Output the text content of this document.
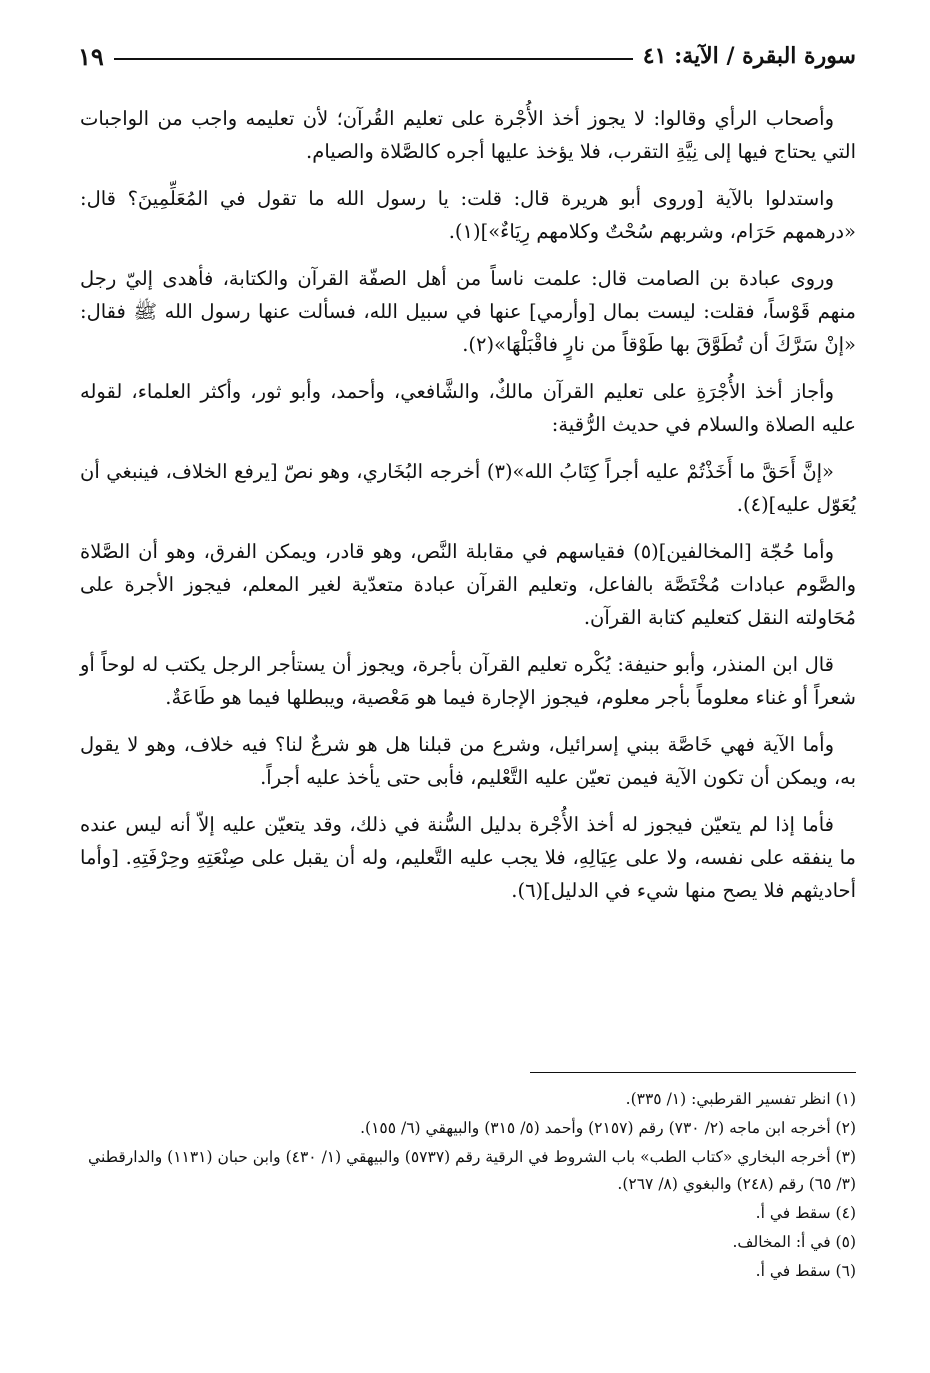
سورة البقرة / الآية: ٤١
١٩

وأصحاب الرأي وقالوا: لا يجوز أخذ الأُجْرة على تعليم القُرآن؛ لأن تعليمه واجب من الواجبات التي يحتاج فيها إلى نِيَّةِ التقرب، فلا يؤخذ عليها أجره كالصَّلاة والصيام.

واستدلوا بالآية [وروى أبو هريرة قال: قلت: يا رسول الله ما تقول في المُعَلِّمِينَ؟ قال: «درهمهم حَرَام، وشربهم سُحْتٌ وكلامهم رِيَاءٌ»](١).

وروى عبادة بن الصامت قال: علمت ناساً من أهل الصفّة القرآن والكتابة، فأهدى إليّ رجل منهم قَوْساً، فقلت: ليست بمال [وأرمي] عنها في سبيل الله، فسألت عنها رسول الله ﷺ فقال: «إنْ سَرَّكَ أن تُطَوَّقَ بها طَوْقاً من نارٍ فاقْبَلْهَا»(٢).

وأجاز أخذ الأُجْرَةِ على تعليم القرآن مالكٌ، والشَّافعي، وأحمد، وأبو ثور، وأكثر العلماء، لقوله عليه الصلاة والسلام في حديث الرُّقية:

«إنَّ أَحَقَّ ما أَخَذْتُمْ عليه أجراً كِتَابُ الله»(٣) أخرجه البُخَاري، وهو نصّ [يرفع الخلاف، فينبغي أن يُعَوّل عليه](٤).

وأما حُجّة [المخالفين](٥) فقياسهم في مقابلة النَّص، وهو قادر، ويمكن الفرق، وهو أن الصَّلاة والصَّوم عبادات مُخْتَصَّة بالفاعل، وتعليم القرآن عبادة متعدّية لغير المعلم، فيجوز الأجرة على مُحَاولته النقل كتعليم كتابة القرآن.

قال ابن المنذر، وأبو حنيفة: يُكْره تعليم القرآن بأجرة، ويجوز أن يستأجر الرجل يكتب له لوحاً أو شعراً أو غناء معلوماً بأجر معلوم، فيجوز الإجارة فيما هو مَعْصية، ويبطلها فيما هو طَاعَةٌ.

وأما الآية فهي خَاصَّة ببني إسرائيل، وشرع من قبلنا هل هو شرعٌ لنا؟ فيه خلاف، وهو لا يقول به، ويمكن أن تكون الآية فيمن تعيّن عليه التَّعْليم، فأبى حتى يأخذ عليه أجراً.

فأما إذا لم يتعيّن فيجوز له أخذ الأُجْرة بدليل السُّنة في ذلك، وقد يتعيّن عليه إلاّ أنه ليس عنده ما ينفقه على نفسه، ولا على عِيَالِهِ، فلا يجب عليه التَّعليم، وله أن يقبل على صِنْعَتِهِ وحِرْفَتِهِ. [وأما أحاديثهم فلا يصح منها شيء في الدليل](٦).

(١) انظر تفسير القرطبي: (١/ ٣٣٥).
(٢) أخرجه ابن ماجه (٢/ ٧٣٠) رقم (٢١٥٧) وأحمد (٥/ ٣١٥) والبيهقي (٦/ ١٥٥).
(٣) أخرجه البخاري «كتاب الطب» باب الشروط في الرقية رقم (٥٧٣٧) والبيهقي (١/ ٤٣٠) وابن حبان (١١٣١) والدارقطني (٣/ ٦٥) رقم (٢٤٨) والبغوي (٨/ ٢٦٧).
(٤) سقط في أ.
(٥) في أ: المخالف.
(٦) سقط في أ.
